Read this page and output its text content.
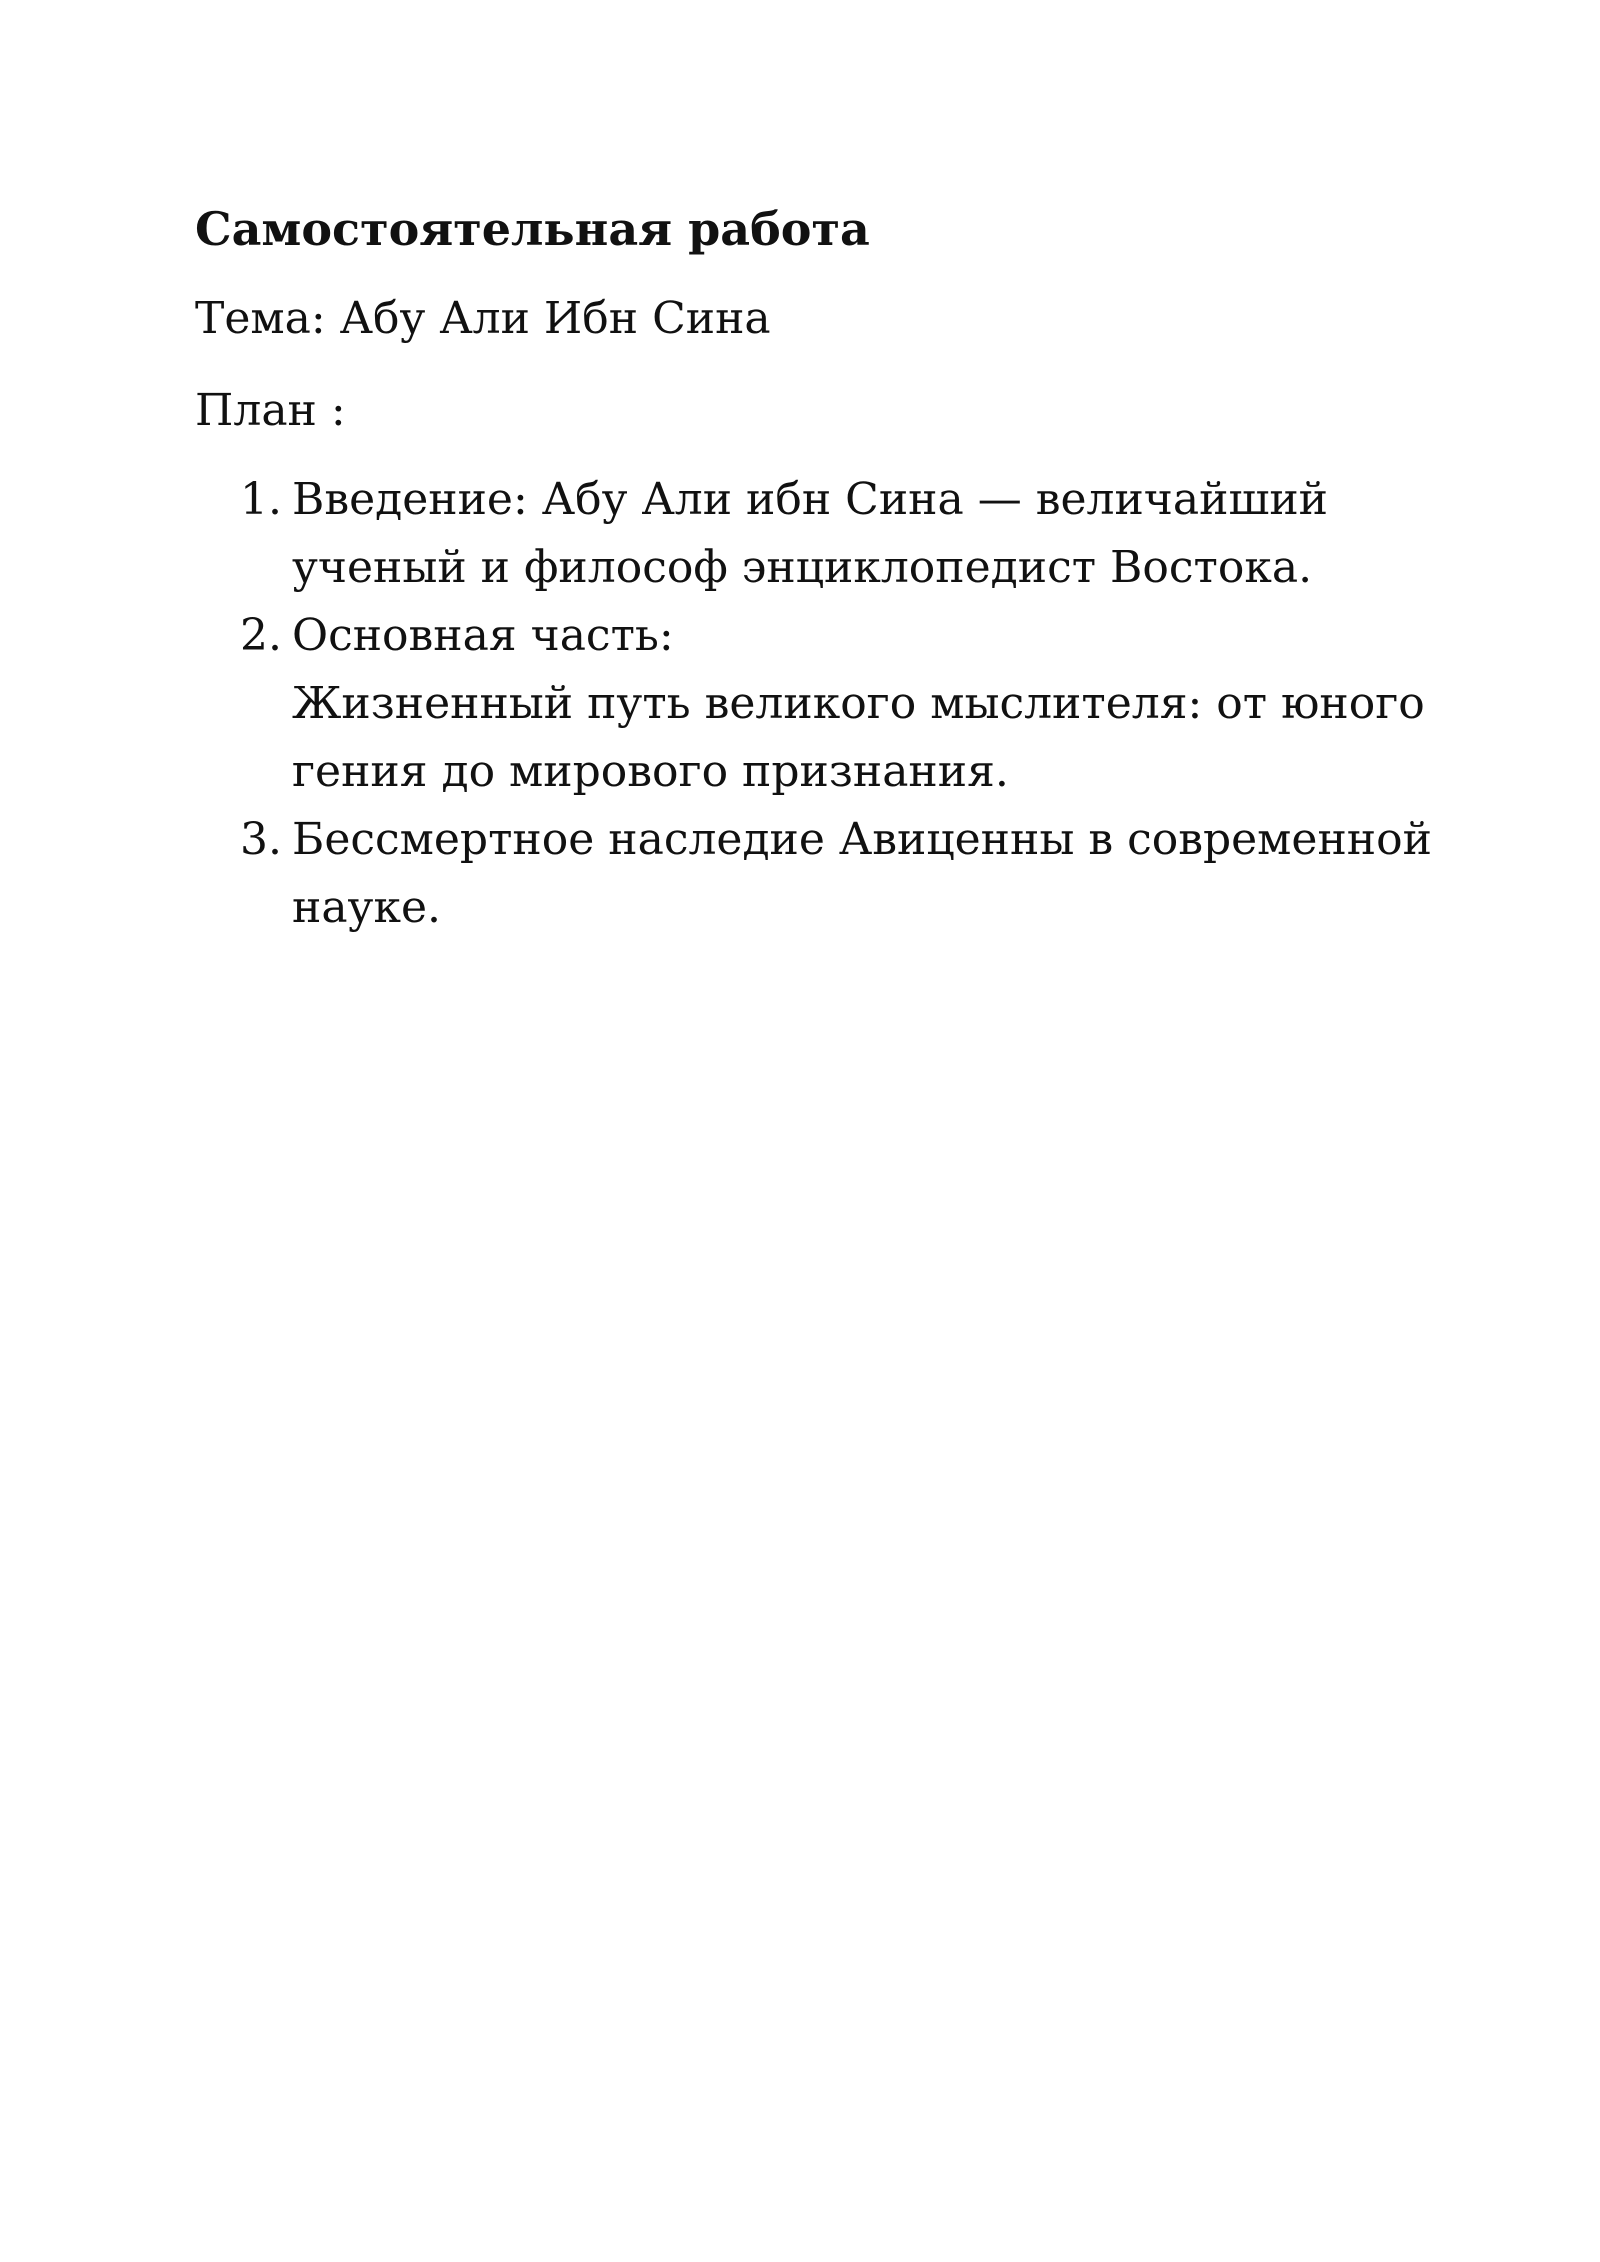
Самостоятельная работа

Тема: Абу Али Ибн Сина

План :

1. Введение: Абу Али ибн Сина — величайший
ученый и философ энциклопедист Востока.
2. Основная часть:
Жизненный путь великого мыслителя: от юного
гения до мирового признания.
3. Бессмертное наследие Авиценны в современной
науке.
